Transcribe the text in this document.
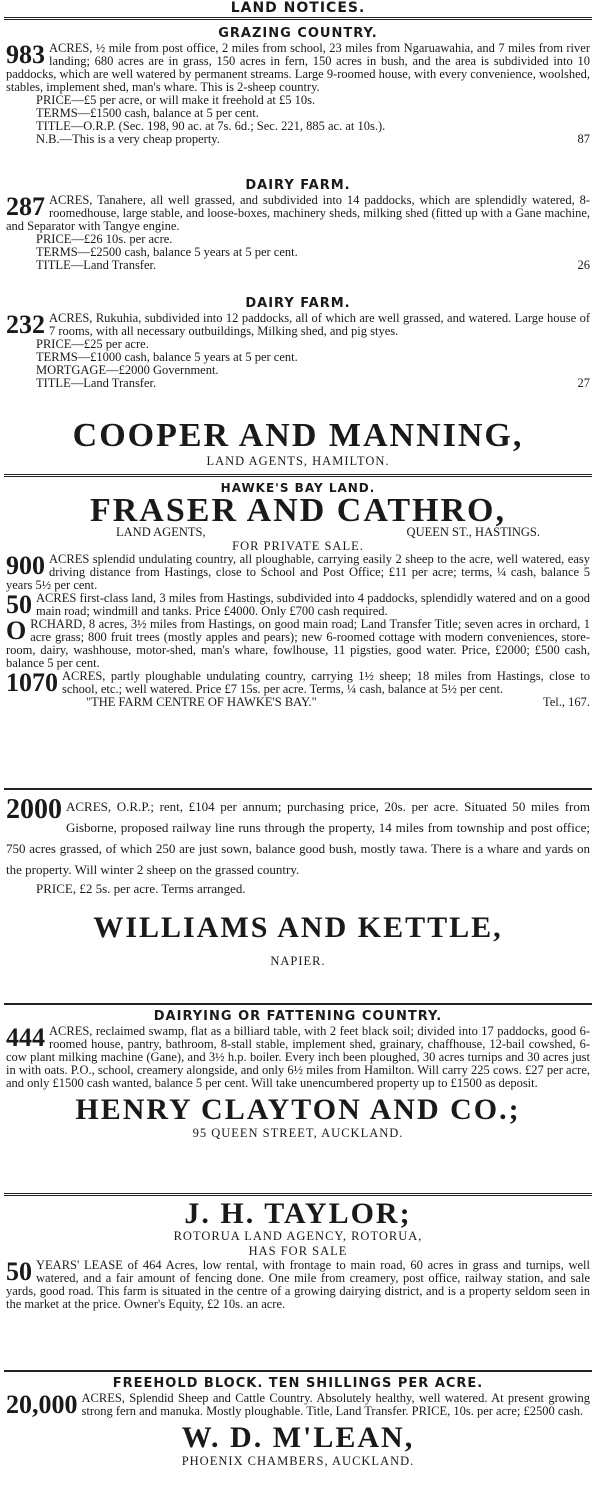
LAND NOTICES.
GRAZING COUNTRY.

983 ACRES, ½ mile from post office, 2 miles from school, 23 miles from Ngaruawahia, and 7 miles from river landing; 680 acres are in grass, 150 acres in fern, 150 acres in bush, and the area is subdivided into 10 paddocks, which are well watered by permanent streams. Large 9-roomed house, with every convenience, woolshed, stables, implement shed, man's whare. This is 2-sheep country.

PRICE—£5 per acre, or will make it freehold at £5 10s.
TERMS—£1500 cash, balance at 5 per cent.
TITLE—O.R.P. (Sec. 198, 90 ac. at 7s. 6d.; Sec. 221, 885 ac. at 10s.).
N.B.—This is a very cheap property.	87
DAIRY FARM.

287 ACRES, Tanahere, all well grassed, and subdivided into 14 paddocks, which are splendidly watered, 8-roomedhouse, large stable, and loose-boxes, machinery sheds, milking shed (fitted up with a Gane machine, and Separator with Tangye engine.

PRICE—£26 10s. per acre.
TERMS—£2500 cash, balance 5 years at 5 per cent.
TITLE—Land Transfer.	26
DAIRY FARM.

232 ACRES, Rukuhia, subdivided into 12 paddocks, all of which are well grassed, and watered. Large house of 7 rooms, with all necessary outbuildings, Milking shed, and pig styes.

PRICE—£25 per acre.
TERMS—£1000 cash, balance 5 years at 5 per cent.
MORTGAGE—£2000 Government.
TITLE—Land Transfer.	27
COOPER AND MANNING,
LAND AGENTS, HAMILTON.
HAWKE'S BAY LAND.
FRASER AND CATHRO,
LAND AGENTS,	QUEEN ST., HASTINGS.
FOR PRIVATE SALE.

900 ACRES splendid undulating country, all ploughable, carrying easily 2 sheep to the acre, well watered, easy driving distance from Hastings, close to School and Post Office; £11 per acre; terms, ¼ cash, balance 5 years 5½ per cent.

50 ACRES first-class land, 3 miles from Hastings, subdivided into 4 paddocks, splendidly watered and on a good main road; windmill and tanks. Price £4000. Only £700 cash required.

ORCHARD, 8 acres, 3½ miles from Hastings, on good main road; Land Transfer Title; seven acres in orchard, 1 acre grass; 800 fruit trees (mostly apples and pears); new 6-roomed cottage with modern conveniences, store-room, dairy, washhouse, motor-shed, man's whare, fowlhouse, 11 pigsties, good water. Price, £2000; £500 cash, balance 5 per cent.

1070 ACRES, partly ploughable undulating country, carrying 1½ sheep; 18 miles from Hastings, close to school, etc.; well watered. Price £7 15s. per acre. Terms, ¼ cash, balance at 5½ per cent.

"THE FARM CENTRE OF HAWKE'S BAY."	Tel., 167.

2000 ACRES, O.R.P.; rent, £104 per annum; purchasing price, 20s. per acre. Situated 50 miles from Gisborne, proposed railway line runs through the property, 14 miles from township and post office; 750 acres grassed, of which 250 are just sown, balance good bush, mostly tawa. There is a whare and yards on the property. Will winter 2 sheep on the grassed country.

PRICE, £2 5s. per acre. Terms arranged.
WILLIAMS AND KETTLE,
NAPIER.
DAIRYING OR FATTENING COUNTRY.

444 ACRES, reclaimed swamp, flat as a billiard table, with 2 feet black soil; divided into 17 paddocks, good 6-roomed house, pantry, bathroom, 8-stall stable, implement shed, grainary, chaffhouse, 12-bail cowshed, 6-cow plant milking machine (Gane), and 3½ h.p. boiler. Every inch been ploughed, 30 acres turnips and 30 acres just in with oats. P.O., school, creamery alongside, and only 6½ miles from Hamilton. Will carry 225 cows. £27 per acre, and only £1500 cash wanted, balance 5 per cent. Will take unencumbered property up to £1500 as deposit.

HENRY CLAYTON AND CO.;
95 QUEEN STREET, AUCKLAND.
J. H. TAYLOR;
ROTORUA LAND AGENCY, ROTORUA,
HAS FOR SALE

50 YEARS' LEASE of 464 Acres, low rental, with frontage to main road, 60 acres in grass and turnips, well watered, and a fair amount of fencing done. One mile from creamery, post office, railway station, and sale yards, good road. This farm is situated in the centre of a growing dairying district, and is a property seldom seen in the market at the price. Owner's Equity, £2 10s. an acre.

FREEHOLD BLOCK. TEN SHILLINGS PER ACRE.

20,000 ACRES, Splendid Sheep and Cattle Country. Absolutely healthy, well watered. At present growing strong fern and manuka. Mostly ploughable. Title, Land Transfer. PRICE, 10s. per acre; £2500 cash.

W. D. M'LEAN,
PHOENIX CHAMBERS, AUCKLAND.
